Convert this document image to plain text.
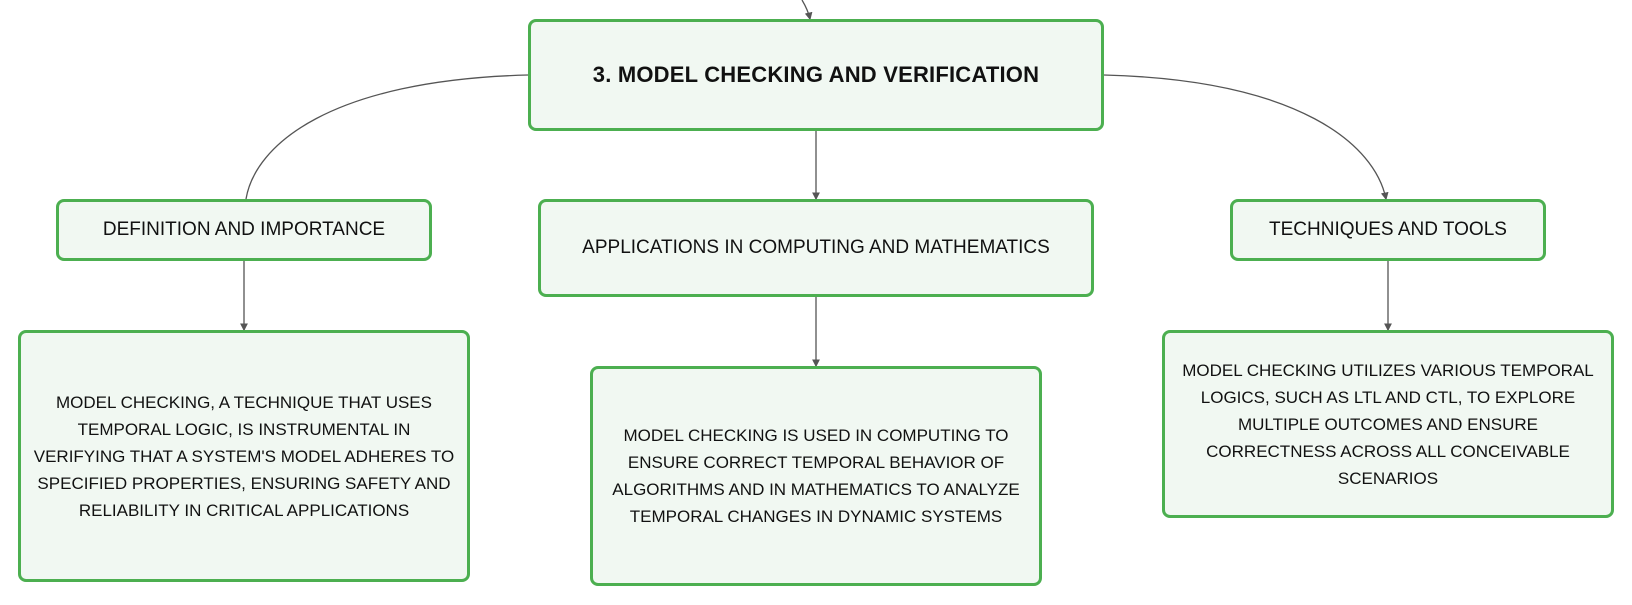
3. MODEL CHECKING AND VERIFICATION
DEFINITION AND IMPORTANCE
APPLICATIONS IN COMPUTING AND MATHEMATICS
TECHNIQUES AND TOOLS
MODEL CHECKING, A TECHNIQUE THAT USES TEMPORAL LOGIC, IS INSTRUMENTAL IN VERIFYING THAT A SYSTEM'S MODEL ADHERES TO SPECIFIED PROPERTIES, ENSURING SAFETY AND RELIABILITY IN CRITICAL APPLICATIONS
MODEL CHECKING IS USED IN COMPUTING TO ENSURE CORRECT TEMPORAL BEHAVIOR OF ALGORITHMS AND IN MATHEMATICS TO ANALYZE TEMPORAL CHANGES IN DYNAMIC SYSTEMS
MODEL CHECKING UTILIZES VARIOUS TEMPORAL LOGICS, SUCH AS LTL AND CTL, TO EXPLORE MULTIPLE OUTCOMES AND ENSURE CORRECTNESS ACROSS ALL CONCEIVABLE SCENARIOS
